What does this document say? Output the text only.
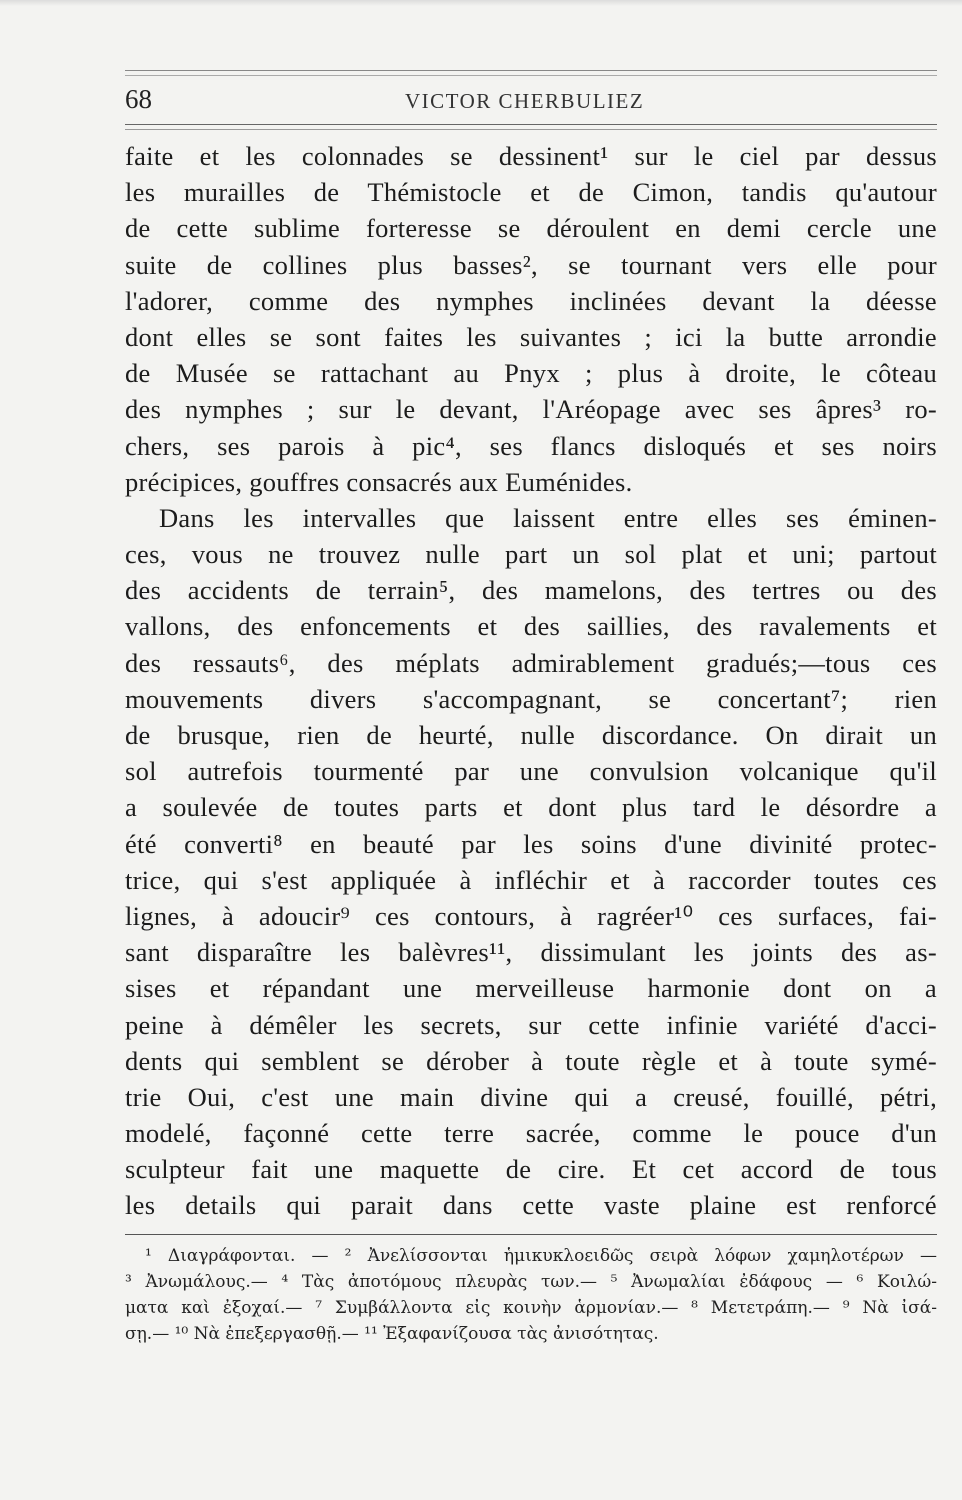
68	VICTOR CHERBULIEZ
faite et les colonnades se dessinent¹ sur le ciel par dessus
les murailles de Thémistocle et de Cimon, tandis qu'autour
de cette sublime forteresse se déroulent en demi cercle une
suite de collines plus basses², se tournant vers elle pour
l'adorer, comme des nymphes inclinées devant la déesse
dont elles se sont faites les suivantes ; ici la butte arrondie
de Musée se rattachant au Pnyx ; plus à droite, le côteau
des nymphes ; sur le devant, l'Aréopage avec ses âpres³ ro-
chers, ses parois à pic⁴, ses flancs disloqués et ses noirs
précipices, gouffres consacrés aux Euménides.
Dans les intervalles que laissent entre elles ses éminen-
ces, vous ne trouvez nulle part un sol plat et uni; partout
des accidents de terrain⁵, des mamelons, des tertres ou des
vallons, des enfoncements et des saillies, des ravalements et
des ressauts⁶, des méplats admirablement gradués;—tous ces
mouvements divers s'accompagnant, se concertant⁷; rien
de brusque, rien de heurté, nulle discordance. On dirait un
sol autrefois tourmenté par une convulsion volcanique qu'il
a soulevée de toutes parts et dont plus tard le désordre a
été converti⁸ en beauté par les soins d'une divinité protec-
trice, qui s'est appliquée à infléchir et à raccorder toutes ces
lignes, à adoucir⁹ ces contours, à ragréer¹⁰ ces surfaces, fai-
sant disparaître les balèvres¹¹, dissimulant les joints des as-
sises et répandant une merveilleuse harmonie dont on a
peine à démêler les secrets, sur cette infinie variété d'acci-
dents qui semblent se dérober à toute règle et à toute symé-
trie Oui, c'est une main divine qui a creusé, fouillé, pétri,
modelé, façonné cette terre sacrée, comme le pouce d'un
sculpteur fait une maquette de cire. Et cet accord de tous
les details qui parait dans cette vaste plaine est renforcé
¹ Διαγράφονται. — ² Ἀνελίσσονται ἡμικυκλοειδῶς σειρὰ λόφων χαμηλοτέρων —
³ Ἀνωμάλους.— ⁴ Τὰς ἀποτόμους πλευρὰς των.— ⁵ Ἀνωμαλίαι ἐδάφους — ⁶ Κοιλώ-
ματα καὶ ἐξοχαί.— ⁷ Συμβάλλοντα εἰς κοινὴν ἁρμονίαν.— ⁸ Μετετράπη.— ⁹ Νὰ ἰσά-
σῃ.— ¹⁰ Νὰ ἐπεξεργασθῇ.— ¹¹ Ἐξαφανίζουσα τὰς ἀνισότητας.
